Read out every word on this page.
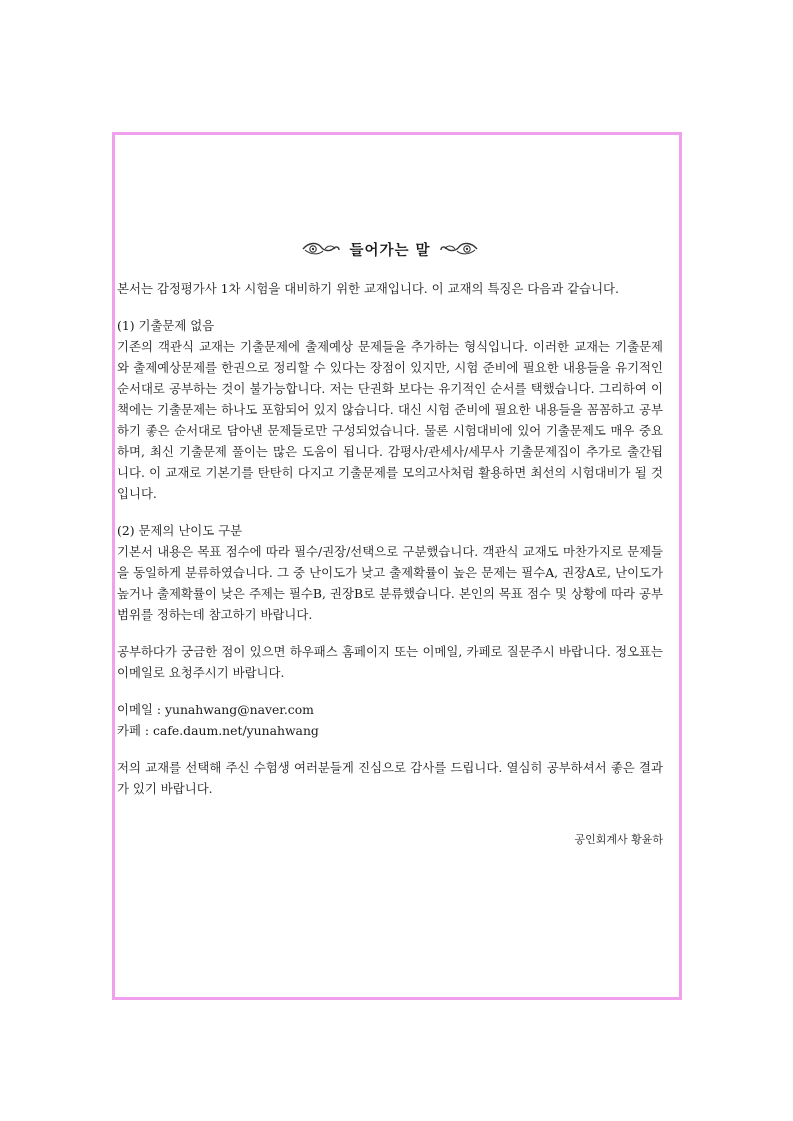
들어가는 말

본서는 감정평가사 1차 시험을 대비하기 위한 교재입니다. 이 교재의 특징은 다음과 같습니다.

(1) 기출문제 없음

기존의 객관식 교재는 기출문제에 출제예상 문제들을 추가하는 형식입니다. 이러한 교재는 기출문제와 출제예상문제를 한권으로 정리할 수 있다는 장점이 있지만, 시험 준비에 필요한 내용들을 유기적인 순서대로 공부하는 것이 불가능합니다. 저는 단권화 보다는 유기적인 순서를 택했습니다. 그리하여 이 책에는 기출문제는 하나도 포함되어 있지 않습니다. 대신 시험 준비에 필요한 내용들을 꼼꼼하고 공부하기 좋은 순서대로 담아낸 문제들로만 구성되었습니다. 물론 시험대비에 있어 기출문제도 매우 중요하며, 최신 기출문제 풀이는 많은 도움이 됩니다. 감평사/관세사/세무사 기출문제집이 추가로 출간됩니다. 이 교재로 기본기를 탄탄히 다지고 기출문제를 모의고사처럼 활용하면 최선의 시험대비가 될 것입니다.

(2) 문제의 난이도 구분

기본서 내용은 목표 점수에 따라 필수/권장/선택으로 구분했습니다. 객관식 교재도 마찬가지로 문제들을 동일하게 분류하였습니다. 그 중 난이도가 낮고 출제확률이 높은 문제는 필수A, 권장A로, 난이도가 높거나 출제확률이 낮은 주제는 필수B, 권장B로 분류했습니다. 본인의 목표 점수 및 상황에 따라 공부범위를 정하는데 참고하기 바랍니다.

공부하다가 궁금한 점이 있으면 하우패스 홈페이지 또는 이메일, 카페로 질문주시 바랍니다. 정오표는 이메일로 요청주시기 바랍니다.

이메일 : yunahwang@naver.com

카페 : cafe.daum.net/yunahwang

저의 교재를 선택해 주신 수험생 여러분들게 진심으로 감사를 드립니다. 열심히 공부하셔서 좋은 결과가 있기 바랍니다.

공인회계사 황윤하
